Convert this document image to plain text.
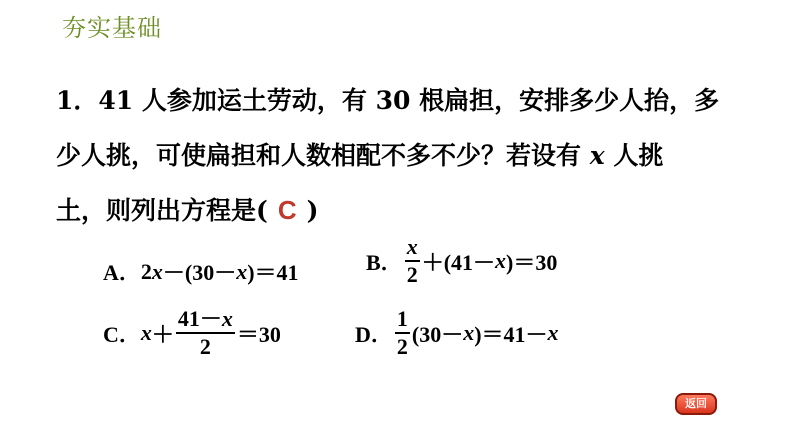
夯实基础
1．41 人参加运土劳动，有 30 根扁担，安排多少人抬，多
少人挑，可使扁担和人数相配不多不少？若设有 x 人挑
土，则列出方程是( C )
A． 2 x －(30－ x )＝41	B． $\frac{x}{2} +(41- x$ )＝30
C． $x + \frac{41-x}{2} =30$	D． $\frac{1}{2} (30- x$ )＝41－ x
返回
